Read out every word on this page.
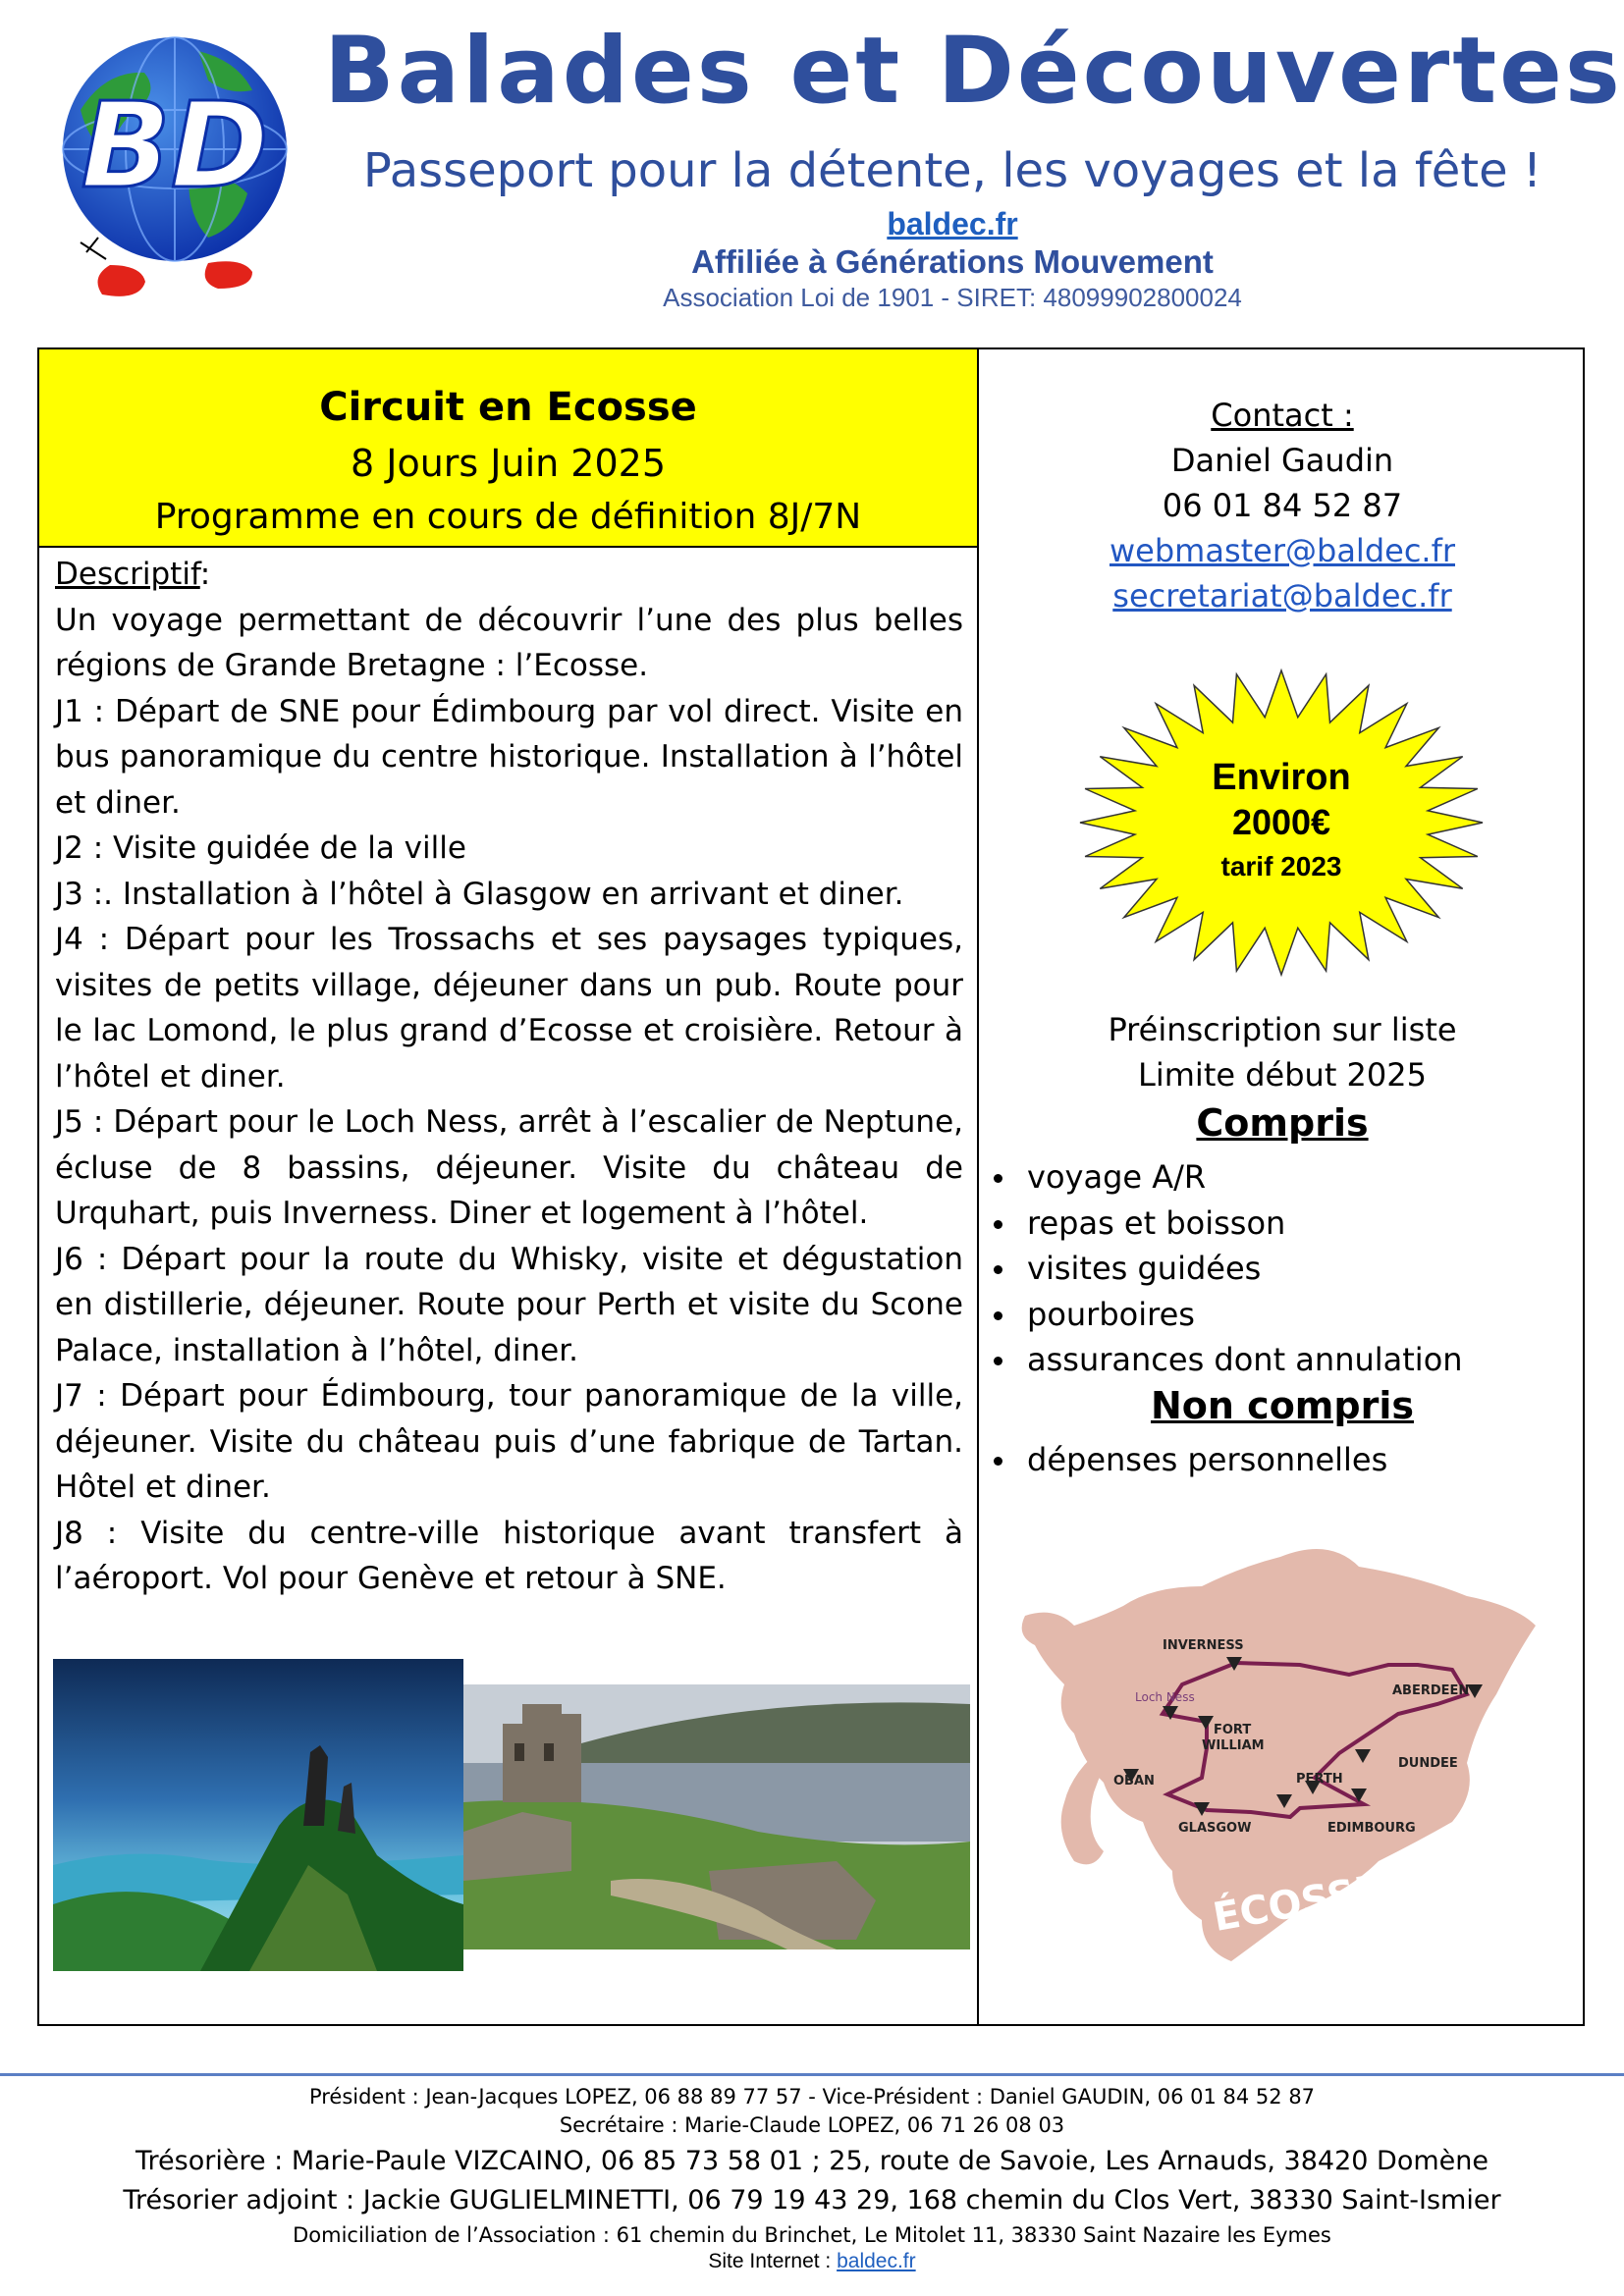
BD
Balades et Découvertes
Passeport pour la détente, les voyages et la fête !
baldec.fr
Affiliée à Générations Mouvement
Association Loi de 1901 - SIRET: 48099902800024
Circuit en Ecosse
8 Jours Juin 2025
Programme en cours de définition 8J/7N

Descriptif:

Un voyage permettant de découvrir l’une des plus belles régions de Grande Bretagne : l’Ecosse.

J1 : Départ de SNE pour Édimbourg par vol direct. Visite en bus panoramique du centre historique. Installation à l’hôtel et diner.

J2 : Visite guidée de la ville

J3 :. Installation à l’hôtel à Glasgow en arrivant et diner.

J4 : Départ pour les Trossachs et ses paysages typiques, visites de petits village, déjeuner dans un pub. Route pour le lac Lomond, le plus grand d’Ecosse et croisière. Retour à l’hôtel et diner.

J5 : Départ pour le Loch Ness, arrêt à l’escalier de Neptune, écluse de 8 bassins, déjeuner. Visite du château de Urquhart, puis Inverness. Diner et logement à l’hôtel.

J6 : Départ pour la route du Whisky, visite et dégustation en distillerie, déjeuner. Route pour Perth et visite du Scone Palace, installation à l’hôtel, diner.

J7 : Départ pour Édimbourg, tour panoramique de la ville, déjeuner. Visite du château puis d’une fabrique de Tartan. Hôtel et diner.

J8 : Visite du centre-ville historique avant transfert à l’aéroport. Vol pour Genève et retour à SNE.

Contact :
Daniel Gaudin
06 01 84 52 87
webmaster@baldec.fr
secretariat@baldec.fr
Environ
2000€
tarif 2023
Préinscription sur liste
Limite début 2025
Compris
voyage A/R
repas et boisson
visites guidées
pourboires
assurances dont annulation
Non compris
dépenses personnelles
INVERNESS
Loch Ness	ABERDEEN
FORT
WILLIAM
DUNDEE
OBAN	PERTH
GLASGOW	EDIMBOURG
ÉCOSSE
Président : Jean-Jacques LOPEZ, 06 88 89 77 57 - Vice-Président : Daniel GAUDIN, 06 01 84 52 87
Secrétaire : Marie-Claude LOPEZ, 06 71 26 08 03
Trésorière : Marie-Paule VIZCAINO, 06 85 73 58 01 ; 25, route de Savoie, Les Arnauds, 38420 Domène
Trésorier adjoint : Jackie GUGLIELMINETTI, 06 79 19 43 29, 168 chemin du Clos Vert, 38330 Saint-Ismier
Domiciliation de l’Association : 61 chemin du Brinchet, Le Mitolet 11, 38330 Saint Nazaire les Eymes
Site Internet : baldec.fr
